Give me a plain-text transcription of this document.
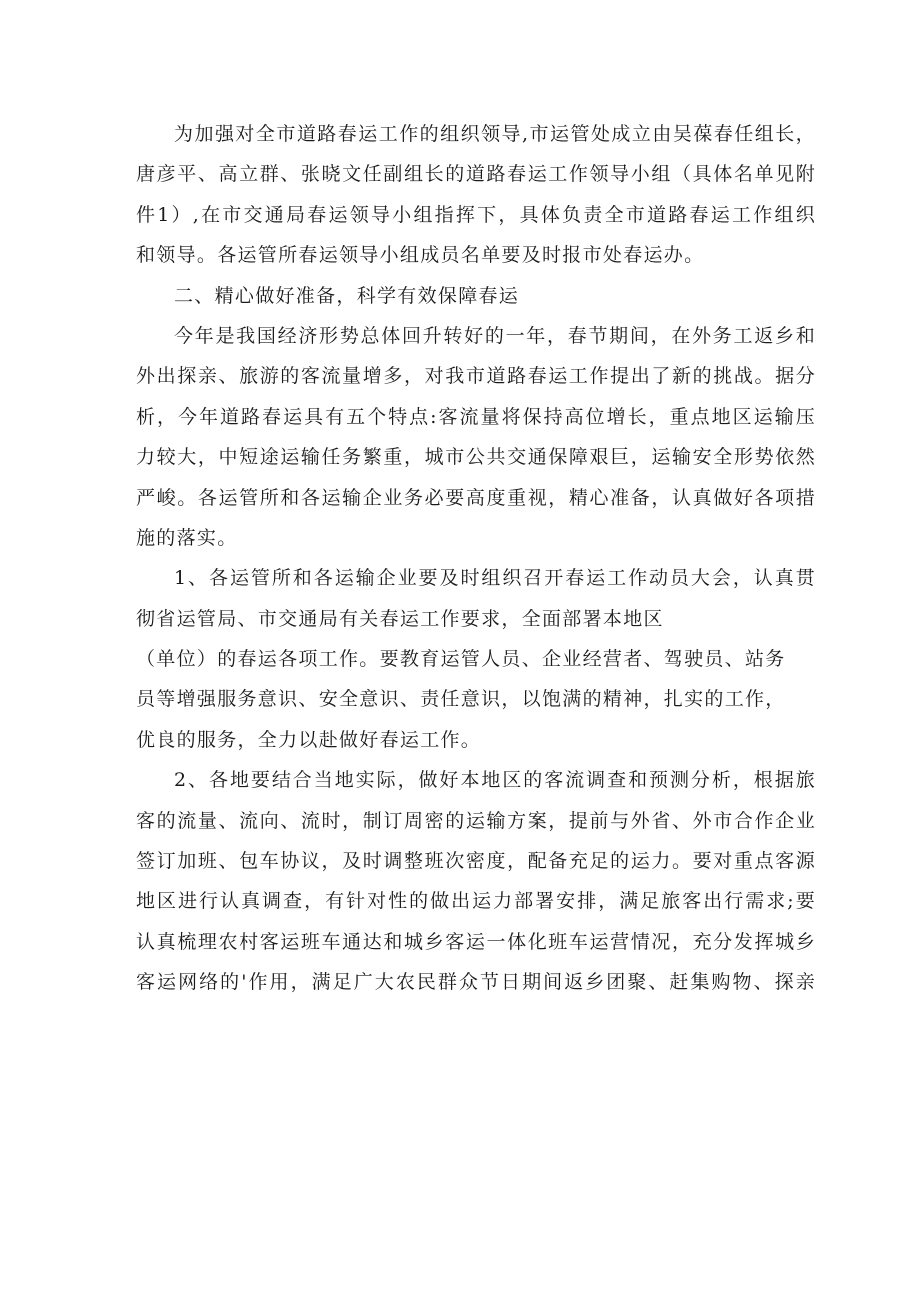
为加强对全市道路春运工作的组织领导,市运管处成立由吴葆春任组长，
唐彦平、高立群、张晓文任副组长的道路春运工作领导小组（具体名单见附
件1）,在市交通局春运领导小组指挥下，具体负责全市道路春运工作组织
和领导。各运管所春运领导小组成员名单要及时报市处春运办。
二、精心做好准备，科学有效保障春运
今年是我国经济形势总体回升转好的一年，春节期间，在外务工返乡和
外出探亲、旅游的客流量增多，对我市道路春运工作提出了新的挑战。据分
析，今年道路春运具有五个特点:客流量将保持高位增长，重点地区运输压
力较大，中短途运输任务繁重，城市公共交通保障艰巨，运输安全形势依然
严峻。各运管所和各运输企业务必要高度重视，精心准备，认真做好各项措
施的落实。
1、各运管所和各运输企业要及时组织召开春运工作动员大会，认真贯
彻省运管局、市交通局有关春运工作要求，全面部署本地区
（单位）的春运各项工作。要教育运管人员、企业经营者、驾驶员、站务
员等增强服务意识、安全意识、责任意识，以饱满的精神，扎实的工作，
优良的服务，全力以赴做好春运工作。
2、各地要结合当地实际，做好本地区的客流调查和预测分析，根据旅
客的流量、流向、流时，制订周密的运输方案，提前与外省、外市合作企业
签订加班、包车协议，及时调整班次密度，配备充足的运力。要对重点客源
地区进行认真调查，有针对性的做出运力部署安排，满足旅客出行需求;要
认真梳理农村客运班车通达和城乡客运一体化班车运营情况，充分发挥城乡
客运网络的'作用，满足广大农民群众节日期间返乡团聚、赶集购物、探亲
